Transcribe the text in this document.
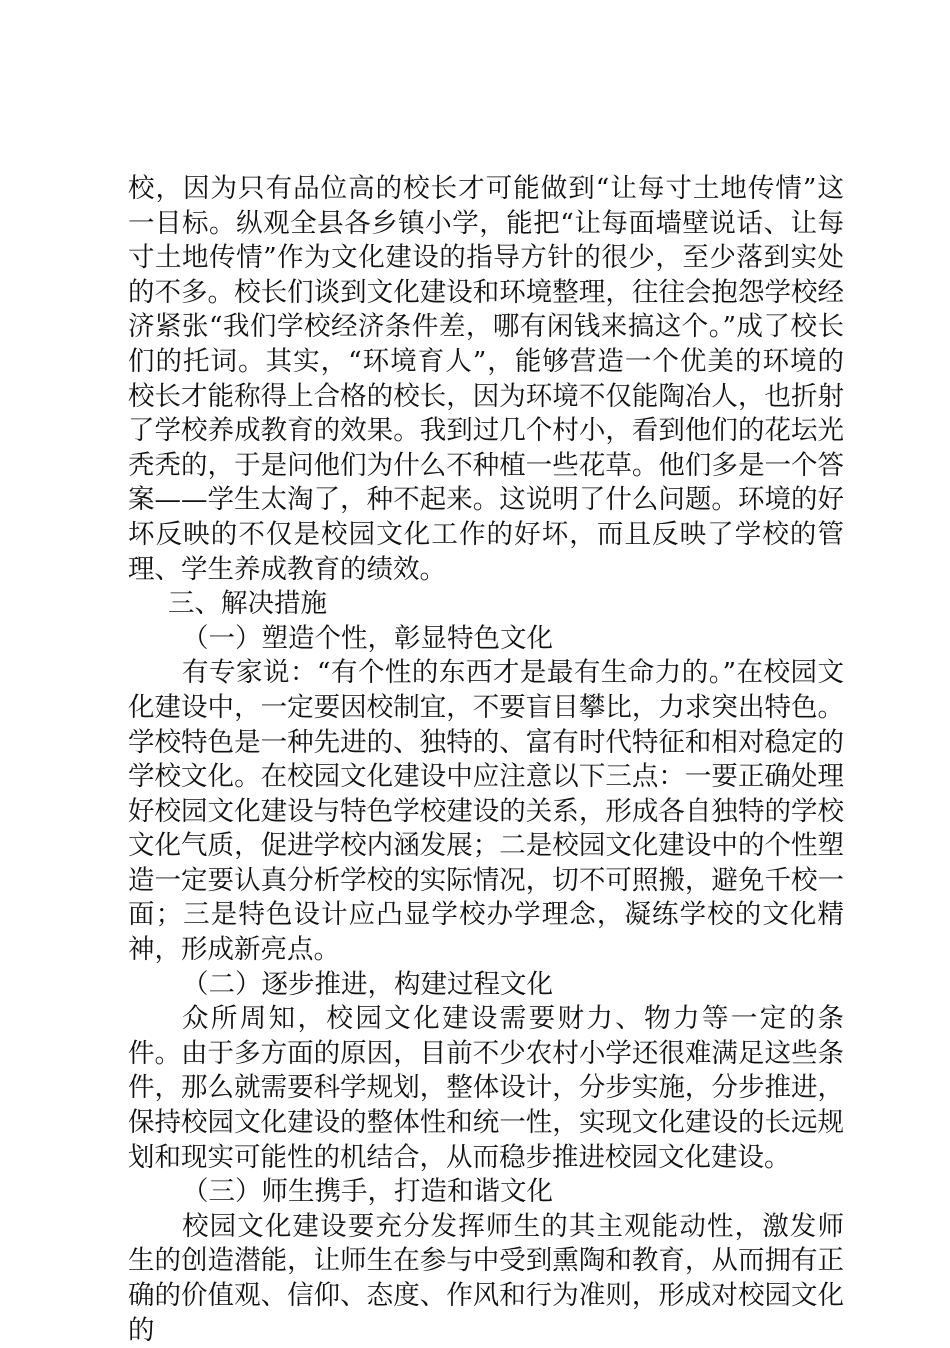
校，因为只有品位高的校长才可能做到“让每寸土地传情”这一目标。纵观全县各乡镇小学，能把“让每面墙壁说话、让每寸土地传情”作为文化建设的指导方针的很少，至少落到实处的不多。校长们谈到文化建设和环境整理，往往会抱怨学校经济紧张“我们学校经济条件差，哪有闲钱来搞这个。”成了校长们的托词。其实，“环境育人”，能够营造一个优美的环境的校长才能称得上合格的校长，因为环境不仅能陶冶人，也折射了学校养成教育的效果。我到过几个村小，看到他们的花坛光秃秃的，于是问他们为什么不种植一些花草。他们多是一个答案——学生太淘了，种不起来。这说明了什么问题。环境的好坏反映的不仅是校园文化工作的好坏，而且反映了学校的管理、学生养成教育的绩效。

三、解决措施

（一）塑造个性，彰显特色文化

有专家说：“有个性的东西才是最有生命力的。”在校园文化建设中，一定要因校制宜，不要盲目攀比，力求突出特色。学校特色是一种先进的、独特的、富有时代特征和相对稳定的学校文化。在校园文化建设中应注意以下三点：一要正确处理好校园文化建设与特色学校建设的关系，形成各自独特的学校文化气质，促进学校内涵发展；二是校园文化建设中的个性塑造一定要认真分析学校的实际情况，切不可照搬，避免千校一面；三是特色设计应凸显学校办学理念，凝练学校的文化精神，形成新亮点。

（二）逐步推进，构建过程文化

众所周知，校园文化建设需要财力、物力等一定的条件。由于多方面的原因，目前不少农村小学还很难满足这些条件，那么就需要科学规划，整体设计，分步实施，分步推进，保持校园文化建设的整体性和统一性，实现文化建设的长远规划和现实可能性的机结合，从而稳步推进校园文化建设。

（三）师生携手，打造和谐文化

校园文化建设要充分发挥师生的其主观能动性，激发师生的创造潜能，让师生在参与中受到熏陶和教育，从而拥有正确的价值观、信仰、态度、作风和行为准则，形成对校园文化的
